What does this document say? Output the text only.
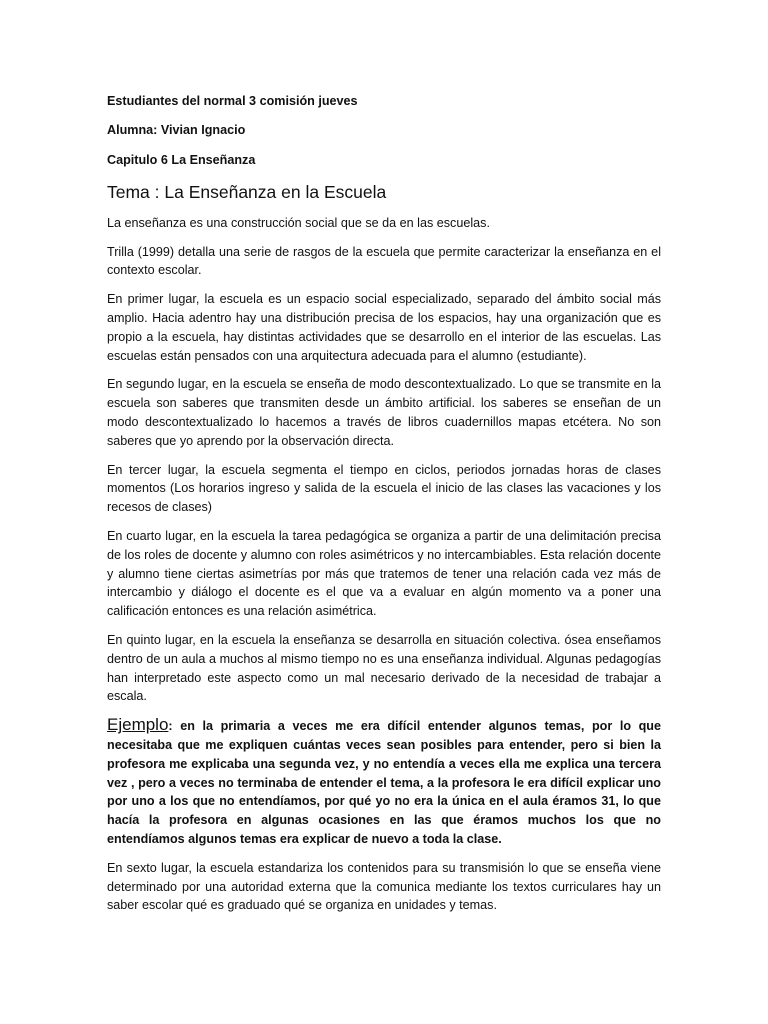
Estudiantes del normal 3 comisión jueves
Alumna: Vivian Ignacio
Capitulo 6 La Enseñanza
Tema : La Enseñanza en la Escuela

La enseñanza es una construcción social que se da en las escuelas.

Trilla (1999) detalla una serie de rasgos de la escuela que permite caracterizar la enseñanza en el contexto escolar.

En primer lugar, la escuela es un espacio social especializado, separado del ámbito social más amplio. Hacia adentro hay una distribución precisa de los espacios, hay una organización que es propio a la escuela, hay distintas actividades que se desarrollo en el interior de las escuelas. Las escuelas están pensados con una arquitectura adecuada para el alumno (estudiante).

En segundo lugar, en la escuela se enseña de modo descontextualizado. Lo que se transmite en la escuela son saberes que transmiten desde un ámbito artificial. los saberes se enseñan de un modo descontextualizado lo hacemos a través de libros cuadernillos mapas etcétera. No son saberes que yo aprendo por la observación directa.

En tercer lugar, la escuela segmenta el tiempo en ciclos, periodos jornadas horas de clases momentos (Los horarios ingreso y salida de la escuela el inicio de las clases las vacaciones y los recesos de clases)

En cuarto lugar, en la escuela la tarea pedagógica se organiza a partir de una delimitación precisa de los roles de docente y alumno con roles asimétricos y no intercambiables. Esta relación docente y alumno tiene ciertas asimetrías por más que tratemos de tener una relación cada vez más de intercambio y diálogo el docente es el que va a evaluar en algún momento va a poner una calificación entonces es una relación asimétrica.

En quinto lugar, en la escuela la enseñanza se desarrolla en situación colectiva. ósea enseñamos dentro de un aula a muchos al mismo tiempo no es una enseñanza individual. Algunas pedagogías han interpretado este aspecto como un mal necesario derivado de la necesidad de trabajar a escala.

Ejemplo: en la primaria a veces me era difícil entender algunos temas, por lo que necesitaba que me expliquen cuántas veces sean posibles para entender, pero si bien la profesora me explicaba una segunda vez, y no entendía a veces ella me explica una tercera vez , pero a veces no terminaba de entender el tema, a la profesora le era difícil explicar uno por uno a los que no entendíamos, por qué yo no era la única en el aula éramos 31, lo que hacía la profesora en algunas ocasiones en las que éramos muchos los que no entendíamos algunos temas era explicar de nuevo a toda la clase.

En sexto lugar, la escuela estandariza los contenidos para su transmisión lo que se enseña viene determinado por una autoridad externa que la comunica mediante los textos curriculares hay un saber escolar qué es graduado qué se organiza en unidades y temas.
